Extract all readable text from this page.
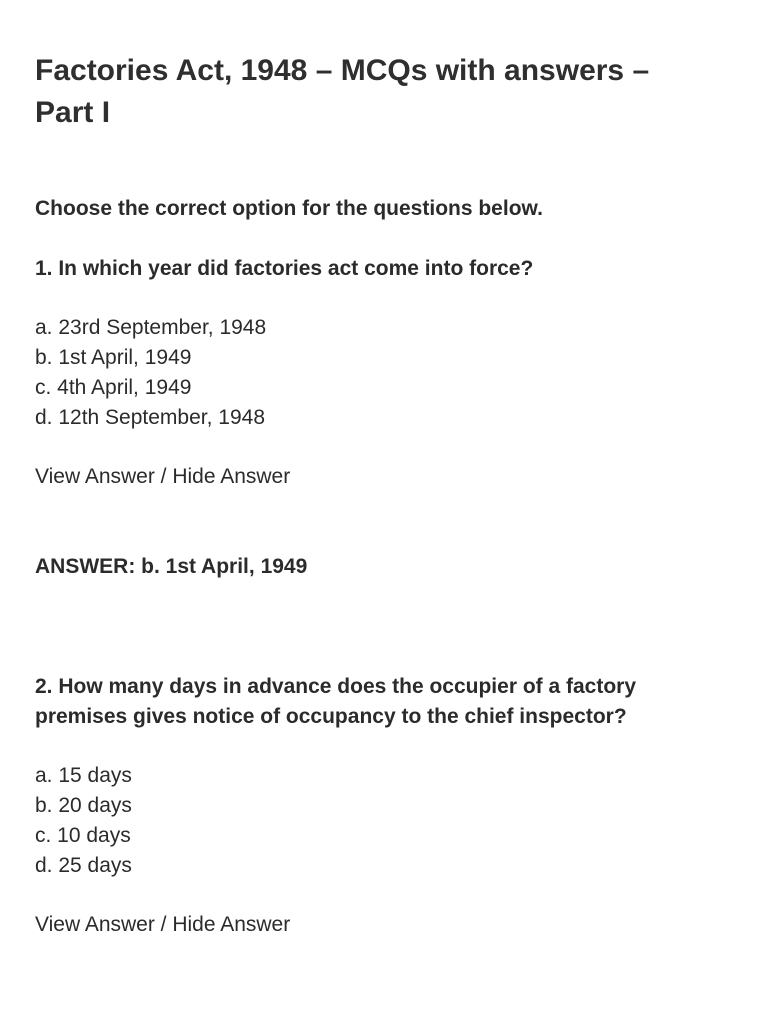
Factories Act, 1948 – MCQs with answers – Part I

Choose the correct option for the questions below.

1. In which year did factories act come into force?

a. 23rd September, 1948
b. 1st April, 1949
c. 4th April, 1949
d. 12th September, 1948
View Answer / Hide Answer

ANSWER: b. 1st April, 1949

2. How many days in advance does the occupier of a factory premises gives notice of occupancy to the chief inspector?

a. 15 days
b. 20 days
c. 10 days
d. 25 days
View Answer / Hide Answer
